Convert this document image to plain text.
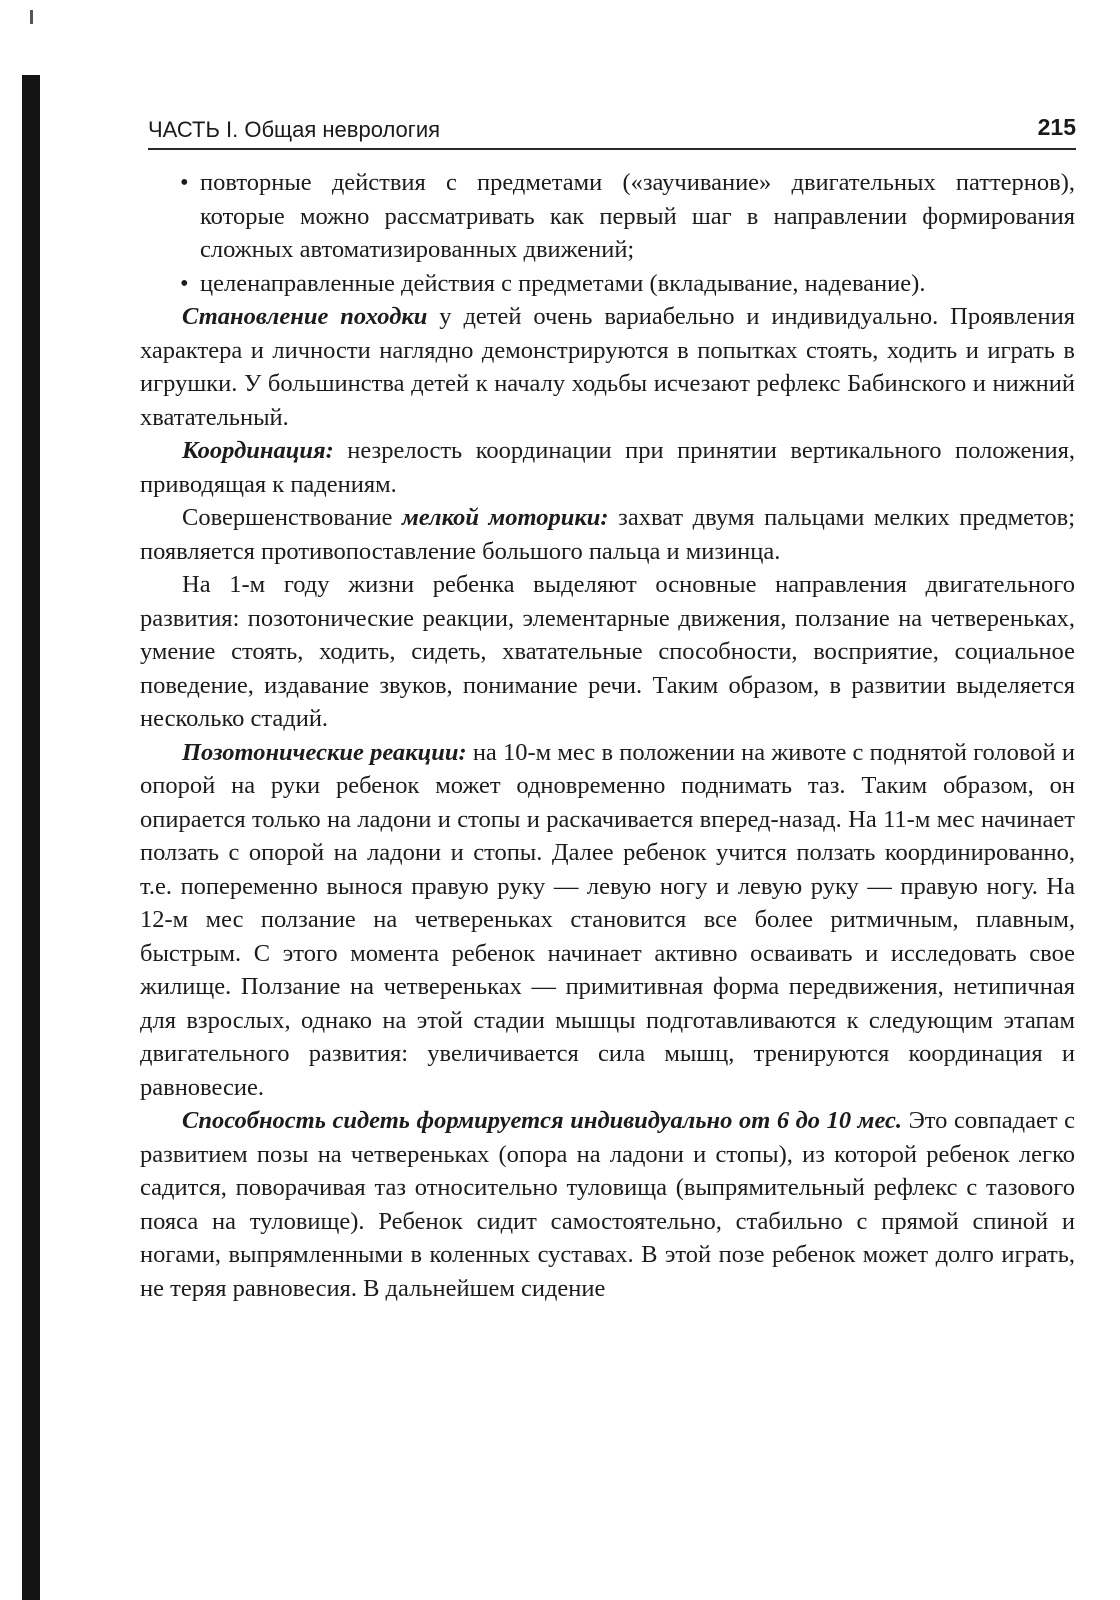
ЧАСТЬ I. Общая неврология	215
• повторные действия с предметами («заучивание» двигательных паттернов), которые можно рассматривать как первый шаг в направлении формирования сложных автоматизированных движений;
• целенаправленные действия с предметами (вкладывание, надевание).

Становление походки у детей очень вариабельно и индивидуально. Проявления характера и личности наглядно демонстрируются в попытках стоять, ходить и играть в игрушки. У большинства детей к началу ходьбы исчезают рефлекс Бабинского и нижний хватательный.

Координация: незрелость координации при принятии вертикального положения, приводящая к падениям.

Совершенствование мелкой моторики: захват двумя пальцами мелких предметов; появляется противопоставление большого пальца и мизинца.

На 1-м году жизни ребенка выделяют основные направления двигательного развития: позотонические реакции, элементарные движения, ползание на четвереньках, умение стоять, ходить, сидеть, хватательные способности, восприятие, социальное поведение, издавание звуков, понимание речи. Таким образом, в развитии выделяется несколько стадий.

Позотонические реакции: на 10-м мес в положении на животе с поднятой головой и опорой на руки ребенок может одновременно поднимать таз. Таким образом, он опирается только на ладони и стопы и раскачивается вперед-назад. На 11-м мес начинает ползать с опорой на ладони и стопы. Далее ребенок учится ползать координированно, т.е. попеременно вынося правую руку — левую ногу и левую руку — правую ногу. На 12-м мес ползание на четвереньках становится все более ритмичным, плавным, быстрым. С этого момента ребенок начинает активно осваивать и исследовать свое жилище. Ползание на четвереньках — примитивная форма передвижения, нетипичная для взрослых, однако на этой стадии мышцы подготавливаются к следующим этапам двигательного развития: увеличивается сила мышц, тренируются координация и равновесие.

Способность сидеть формируется индивидуально от 6 до 10 мес. Это совпадает с развитием позы на четвереньках (опора на ладони и стопы), из которой ребенок легко садится, поворачивая таз относительно туловища (выпрямительный рефлекс с тазового пояса на туловище). Ребенок сидит самостоятельно, стабильно с прямой спиной и ногами, выпрямленными в коленных суставах. В этой позе ребенок может долго играть, не теряя равновесия. В дальнейшем сидение
